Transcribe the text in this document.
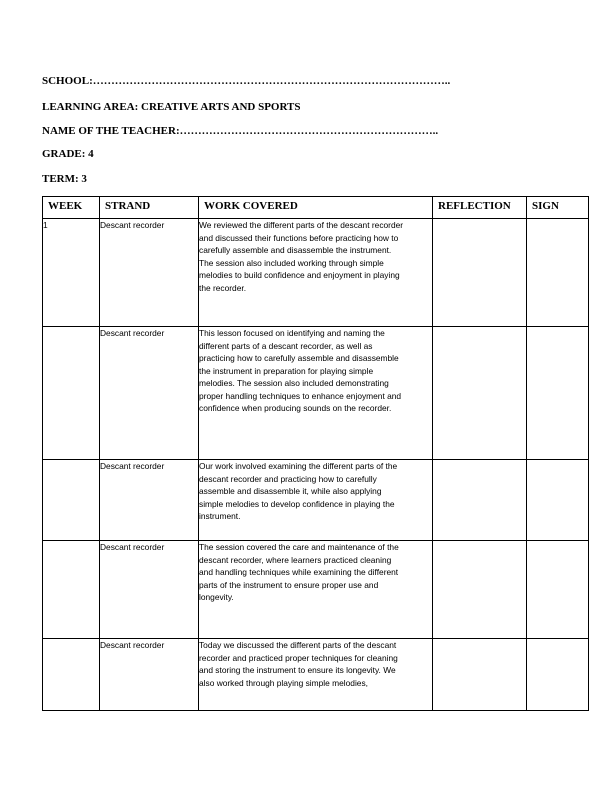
SCHOOL:……………………………………………………………………………………..
LEARNING AREA: CREATIVE ARTS AND SPORTS
NAME OF THE TEACHER:……………………………………………………………..
GRADE: 4
TERM: 3
WEEK	STRAND	WORK COVERED	REFLECTION	SIGN
1	Descant recorder	We reviewed the different parts of the descant recorder and discussed their functions before practicing how to carefully assemble and disassemble the instrument. The session also included working through simple melodies to build confidence and enjoyment in playing the recorder.		

	Descant recorder	This lesson focused on identifying and naming the different parts of a descant recorder, as well as practicing how to carefully assemble and disassemble the instrument in preparation for playing simple melodies. The session also included demonstrating proper handling techniques to enhance enjoyment and confidence when producing sounds on the recorder.		

	Descant recorder	Our work involved examining the different parts of the descant recorder and practicing how to carefully assemble and disassemble it, while also applying simple melodies to develop confidence in playing the instrument.		

	Descant recorder	The session covered the care and maintenance of the descant recorder, where learners practiced cleaning and handling techniques while examining the different parts of the instrument to ensure proper use and longevity.		

	Descant recorder	Today we discussed the different parts of the descant recorder and practiced proper techniques for cleaning and storing the instrument to ensure its longevity. We also worked through playing simple melodies,		
